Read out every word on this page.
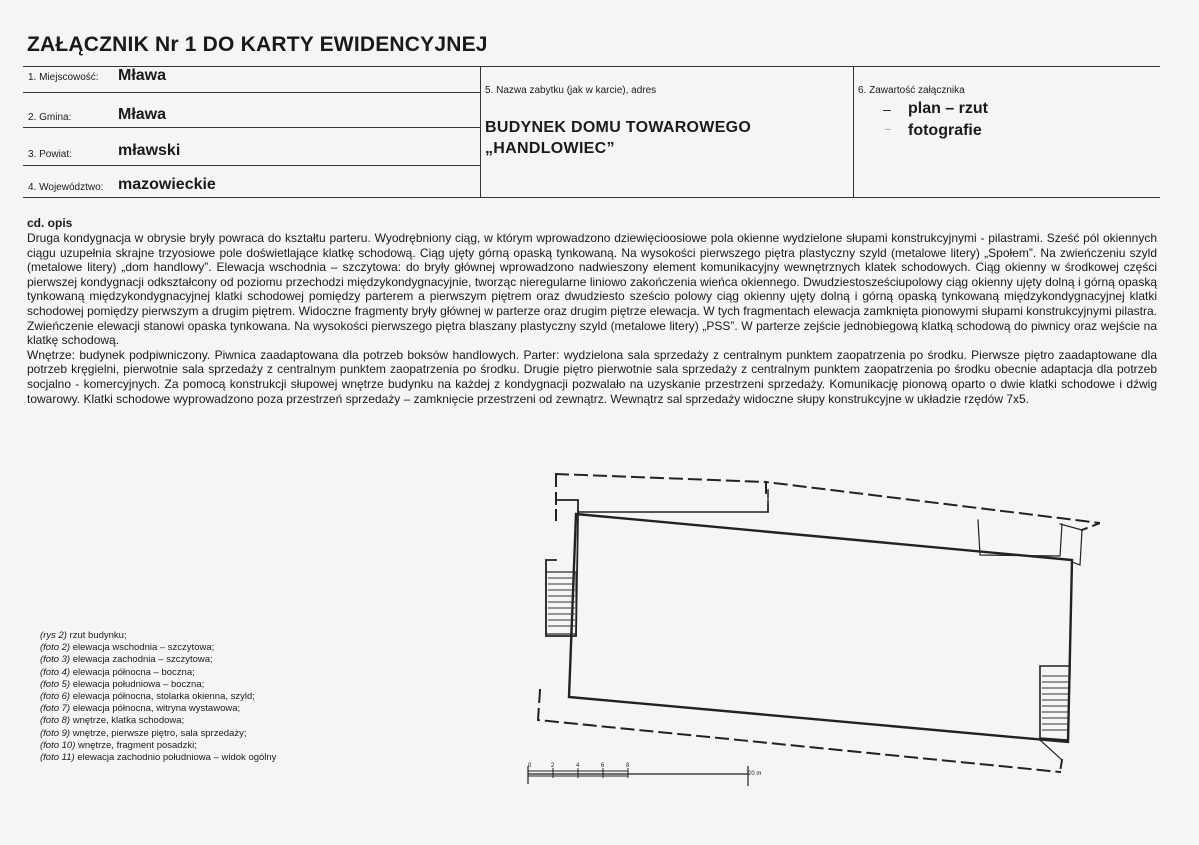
ZAŁĄCZNIK Nr 1 DO KARTY EWIDENCYJNEJ
1. Miejscowość: Mława
2. Gmina:	Mława
3. Powiat:	mławski
4. Województwo: mazowieckie
5. Nazwa zabytku (jak w karcie), adres	6. Zawartość załącznika
BUDYNEK DOMU TOWAROWEGO
„HANDLOWIEC”
– plan – rzut
– fotografie
cd. opis

Druga kondygnacja w obrysie bryły powraca do kształtu parteru. Wyodrębniony ciąg, w którym wprowadzono dziewięcioosiowe pola okienne wydzielone słupami konstrukcyjnymi - pilastrami. Sześć pól okiennych ciągu uzupełnia skrajne trzyosiowe pole doświetlające klatkę schodową. Ciąg ujęty górną opaską tynkowaną. Na wysokości pierwszego piętra plastyczny szyld (metalowe litery) „Społem”. Na zwieńczeniu szyld (metalowe litery) „dom handlowy”. Elewacja wschodnia – szczytowa: do bryły głównej wprowadzono nadwieszony element komunikacyjny wewnętrznych klatek schodowych. Ciąg okienny w środkowej części pierwszej kondygnacji odkształcony od poziomu przechodzi międzykondygnacyjnie, tworząc nieregularne liniowo zakończenia wieńca okiennego. Dwudziestosześciupolowy ciąg okienny ujęty dolną i górną opaską tynkowaną międzykondygnacyjnej klatki schodowej pomiędzy parterem a pierwszym piętrem oraz dwudziesto sześcio polowy ciąg okienny ujęty dolną i górną opaską tynkowaną międzykondygnacyjnej klatki schodowej pomiędzy pierwszym a drugim piętrem. Widoczne fragmenty bryły głównej w parterze oraz drugim piętrze elewacja. W tych fragmentach elewacja zamknięta pionowymi słupami konstrukcyjnymi pilastra. Zwieńczenie elewacji stanowi opaska tynkowana. Na wysokości pierwszego piętra blaszany plastyczny szyld (metalowe litery) „PSS”. W parterze zejście jednobiegową klatką schodową do piwnicy oraz wejście na klatkę schodową.

Wnętrze: budynek podpiwniczony. Piwnica zaadaptowana dla potrzeb boksów handlowych. Parter: wydzielona sala sprzedaży z centralnym punktem zaopatrzenia po środku. Pierwsze piętro zaadaptowane dla potrzeb kręgielni, pierwotnie sala sprzedaży z centralnym punktem zaopatrzenia po środku. Drugie piętro pierwotnie sala sprzedaży z centralnym punktem zaopatrzenia po środku obecnie adaptacja dla potrzeb socjalno - komercyjnych. Za pomocą konstrukcji słupowej wnętrze budynku na każdej z kondygnacji pozwalało na uzyskanie przestrzeni sprzedaży. Komunikację pionową oparto o dwie klatki schodowe i dźwig towarowy. Klatki schodowe wyprowadzono poza przestrzeń sprzedaży – zamknięcie przestrzeni od zewnątrz. Wewnątrz sal sprzedaży widoczne słupy konstrukcyjne w układzie rzędów 7x5.

(rys 2) rzut budynku;
(foto 2) elewacja wschodnia – szczytowa;
(foto 3) elewacja zachodnia – szczytowa;
(foto 4) elewacja północna – boczna;
(foto 5) elewacja południowa – boczna;
(foto 6) elewacja północna, stolarka okienna, szyld;
(foto 7) elewacja północna, witryna wystawowa;
(foto 8) wnętrze, klatka schodowa;
(foto 9) wnętrze, pierwsze piętro, sala sprzedaży;
(foto 10) wnętrze, fragment posadzki;
(foto 11) elewacja zachodnio południowa – widok ogólny
0	2	4	6	8
20 m
